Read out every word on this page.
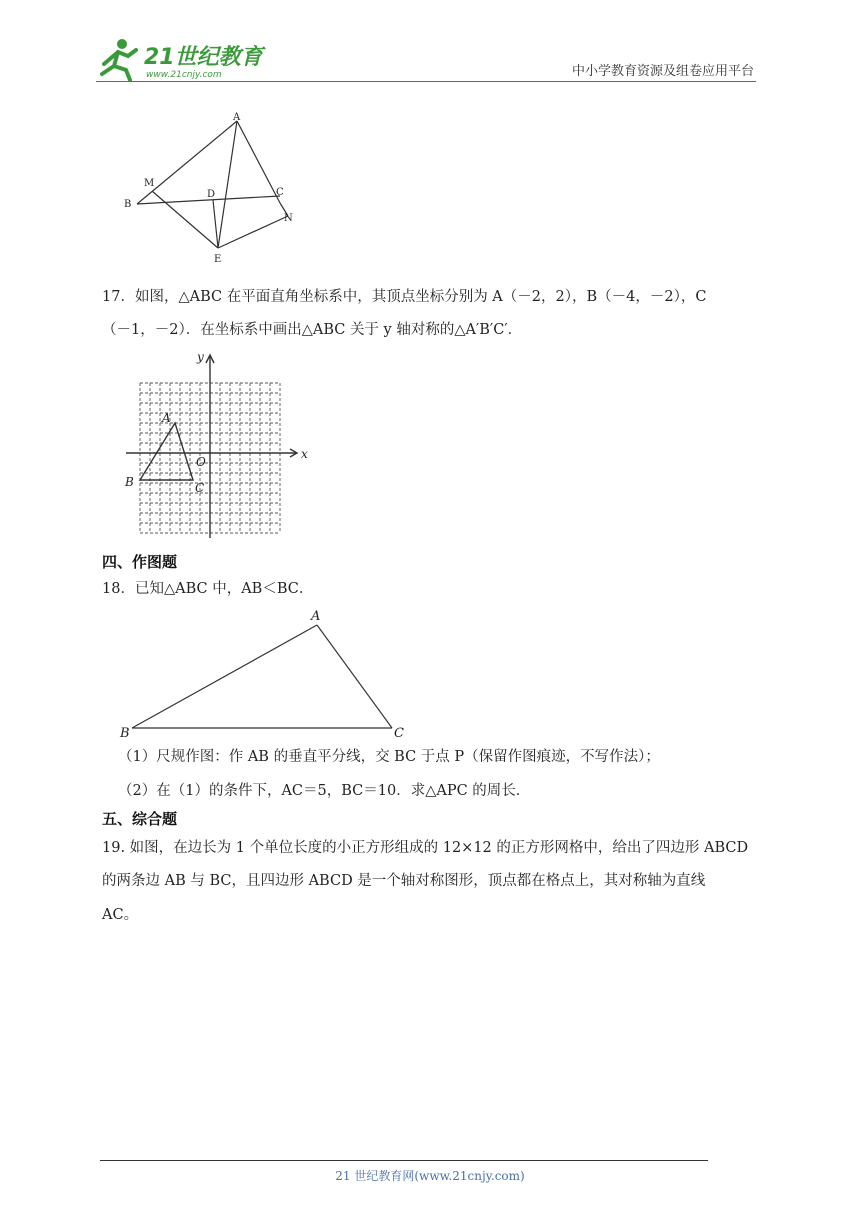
21世纪教育
www.21cnjy.com	中小学教育资源及组卷应用平台
A
M
D	C
B
N
E
17．如图，△ABC 在平面直角坐标系中，其顶点坐标分别为 A（－2，2），B（－4，－2），C
（－1，－2）．在坐标系中画出△ABC 关于 y 轴对称的△A′B′C′．
x
y
O
A
B	C
四、作图题
18．已知△ABC 中，AB＜BC．
A
B	C
（1）尺规作图：作 AB 的垂直平分线，交 BC 于点 P（保留作图痕迹，不写作法）；
（2）在（1）的条件下，AC＝5，BC＝10．求△APC 的周长．
五、综合题
19. 如图，在边长为 1 个单位长度的小正方形组成的 12×12 的正方形网格中，给出了四边形 ABCD
的两条边 AB 与 BC，且四边形 ABCD 是一个轴对称图形，顶点都在格点上，其对称轴为直线
AC。
21 世纪教育网(www.21cnjy.com)
